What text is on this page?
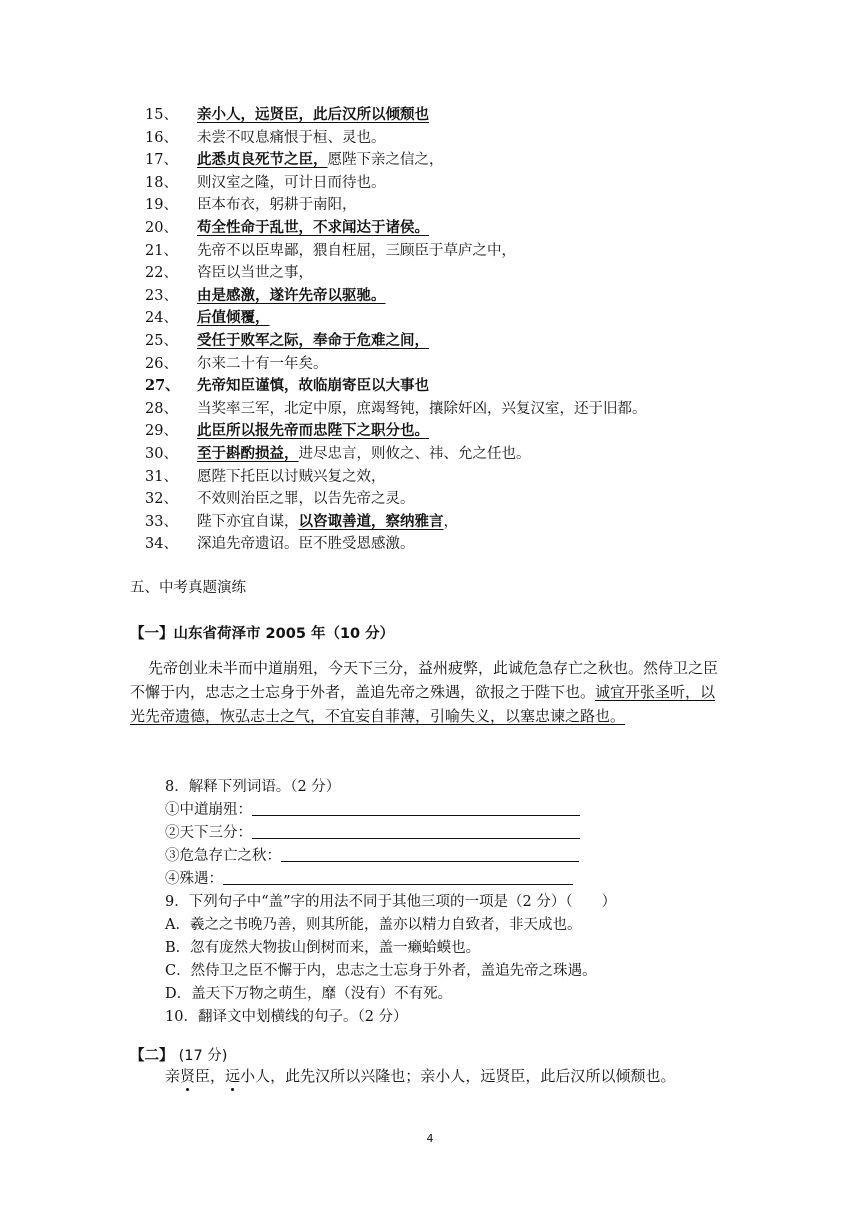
15、	亲小人，远贤臣，此后汉所以倾颓也
16、	未尝不叹息痛恨于桓、灵也。
17、	此悉贞良死节之臣，愿陛下亲之信之，
18、	则汉室之隆，可计日而待也。
19、	臣本布衣，躬耕于南阳，
20、	苟全性命于乱世，不求闻达于诸侯。
21、	先帝不以臣卑鄙，猥自枉屈，三顾臣于草庐之中，
22、	咨臣以当世之事，
23、	由是感激，遂许先帝以驱驰。
24、	后值倾覆，
25、	受任于败军之际，奉命于危难之间，
26、	尔来二十有一年矣。
27、	先帝知臣谨慎，故临崩寄臣以大事也
28、	当奖率三军，北定中原，庶竭驽钝，攘除奸凶，兴复汉室，还于旧都。
29、	此臣所以报先帝而忠陛下之职分也。
30、	至于斟酌损益，进尽忠言，则攸之、祎、允之任也。
31、	愿陛下托臣以讨贼兴复之效，
32、	不效则治臣之罪，以告先帝之灵。
33、	陛下亦宜自谋，以咨诹善道，察纳雅言，
34、	深追先帝遗诏。臣不胜受恩感激。
五、中考真题演练
【一】山东省荷泽市 2005 年（10 分）

先帝创业未半而中道崩殂，今天下三分，益州疲弊，此诚危急存亡之秋也。然侍卫之臣不懈于内，忠志之士忘身于外者，盖追先帝之殊遇，欲报之于陛下也。诚宜开张圣听，以光先帝遗德，恢弘志士之气，不宜妄自菲薄，引喻失义，以塞忠谏之路也。

8．解释下列词语。（2 分）
①中道崩殂：
②天下三分：
③危急存亡之秋：
④殊遇：
9．下列句子中“盖”字的用法不同于其他三项的一项是（2 分）（　　）
A．羲之之书晚乃善，则其所能，盖亦以精力自致者，非天成也。
B．忽有庞然大物拔山倒树而来，盖一癞蛤蟆也。
C．然侍卫之臣不懈于内，忠志之士忘身于外者，盖追先帝之珠遇。
D．盖天下万物之萌生，靡（没有）不有死。
10．翻译文中划横线的句子。（2 分）
【二】 (17 分)
亲贤臣，远小人，此先汉所以兴隆也；亲小人，远贤臣，此后汉所以倾颓也。
4
